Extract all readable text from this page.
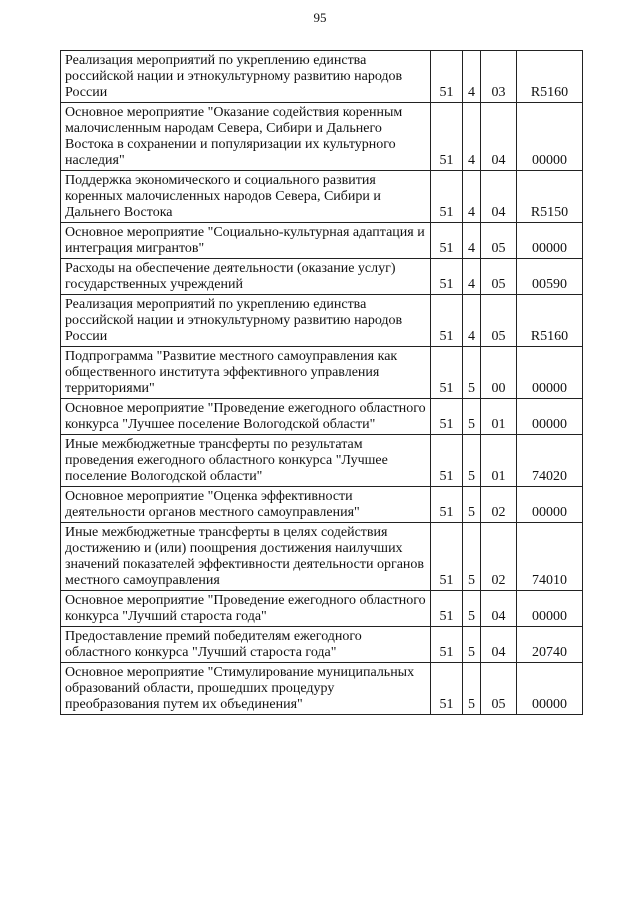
95
Реализация мероприятий по укреплению единства российской нации и этнокультурному развитию народов России	51	4	03	R5160
Основное мероприятие "Оказание содействия коренным малочисленным народам Севера, Сибири и Дальнего Востока в сохранении и популяризации их культурного наследия"	51	4	04	00000
Поддержка экономического и социального развития коренных малочисленных народов Севера, Сибири и Дальнего Востока	51	4	04	R5150
Основное мероприятие "Социально-культурная адаптация и интеграция мигрантов"	51	4	05	00000
Расходы на обеспечение деятельности (оказание услуг) государственных учреждений	51	4	05	00590
Реализация мероприятий по укреплению единства российской нации и этнокультурному развитию народов России	51	4	05	R5160
Подпрограмма "Развитие местного самоуправления как общественного института эффективного управления территориями"	51	5	00	00000
Основное мероприятие "Проведение ежегодного областного конкурса "Лучшее поселение Вологодской области"	51	5	01	00000
Иные межбюджетные трансферты по результатам проведения ежегодного областного конкурса "Лучшее поселение Вологодской области"	51	5	01	74020
Основное мероприятие "Оценка эффективности деятельности органов местного самоуправления"	51	5	02	00000
Иные межбюджетные трансферты в целях содействия достижению и (или) поощрения достижения наилучших значений показателей эффективности деятельности органов местного самоуправления	51	5	02	74010
Основное мероприятие "Проведение ежегодного областного конкурса "Лучший староста года"	51	5	04	00000
Предоставление премий победителям ежегодного областного конкурса "Лучший староста года"	51	5	04	20740
Основное мероприятие "Стимулирование муниципальных образований области, прошедших процедуру преобразования путем их объединения"	51	5	05	00000
